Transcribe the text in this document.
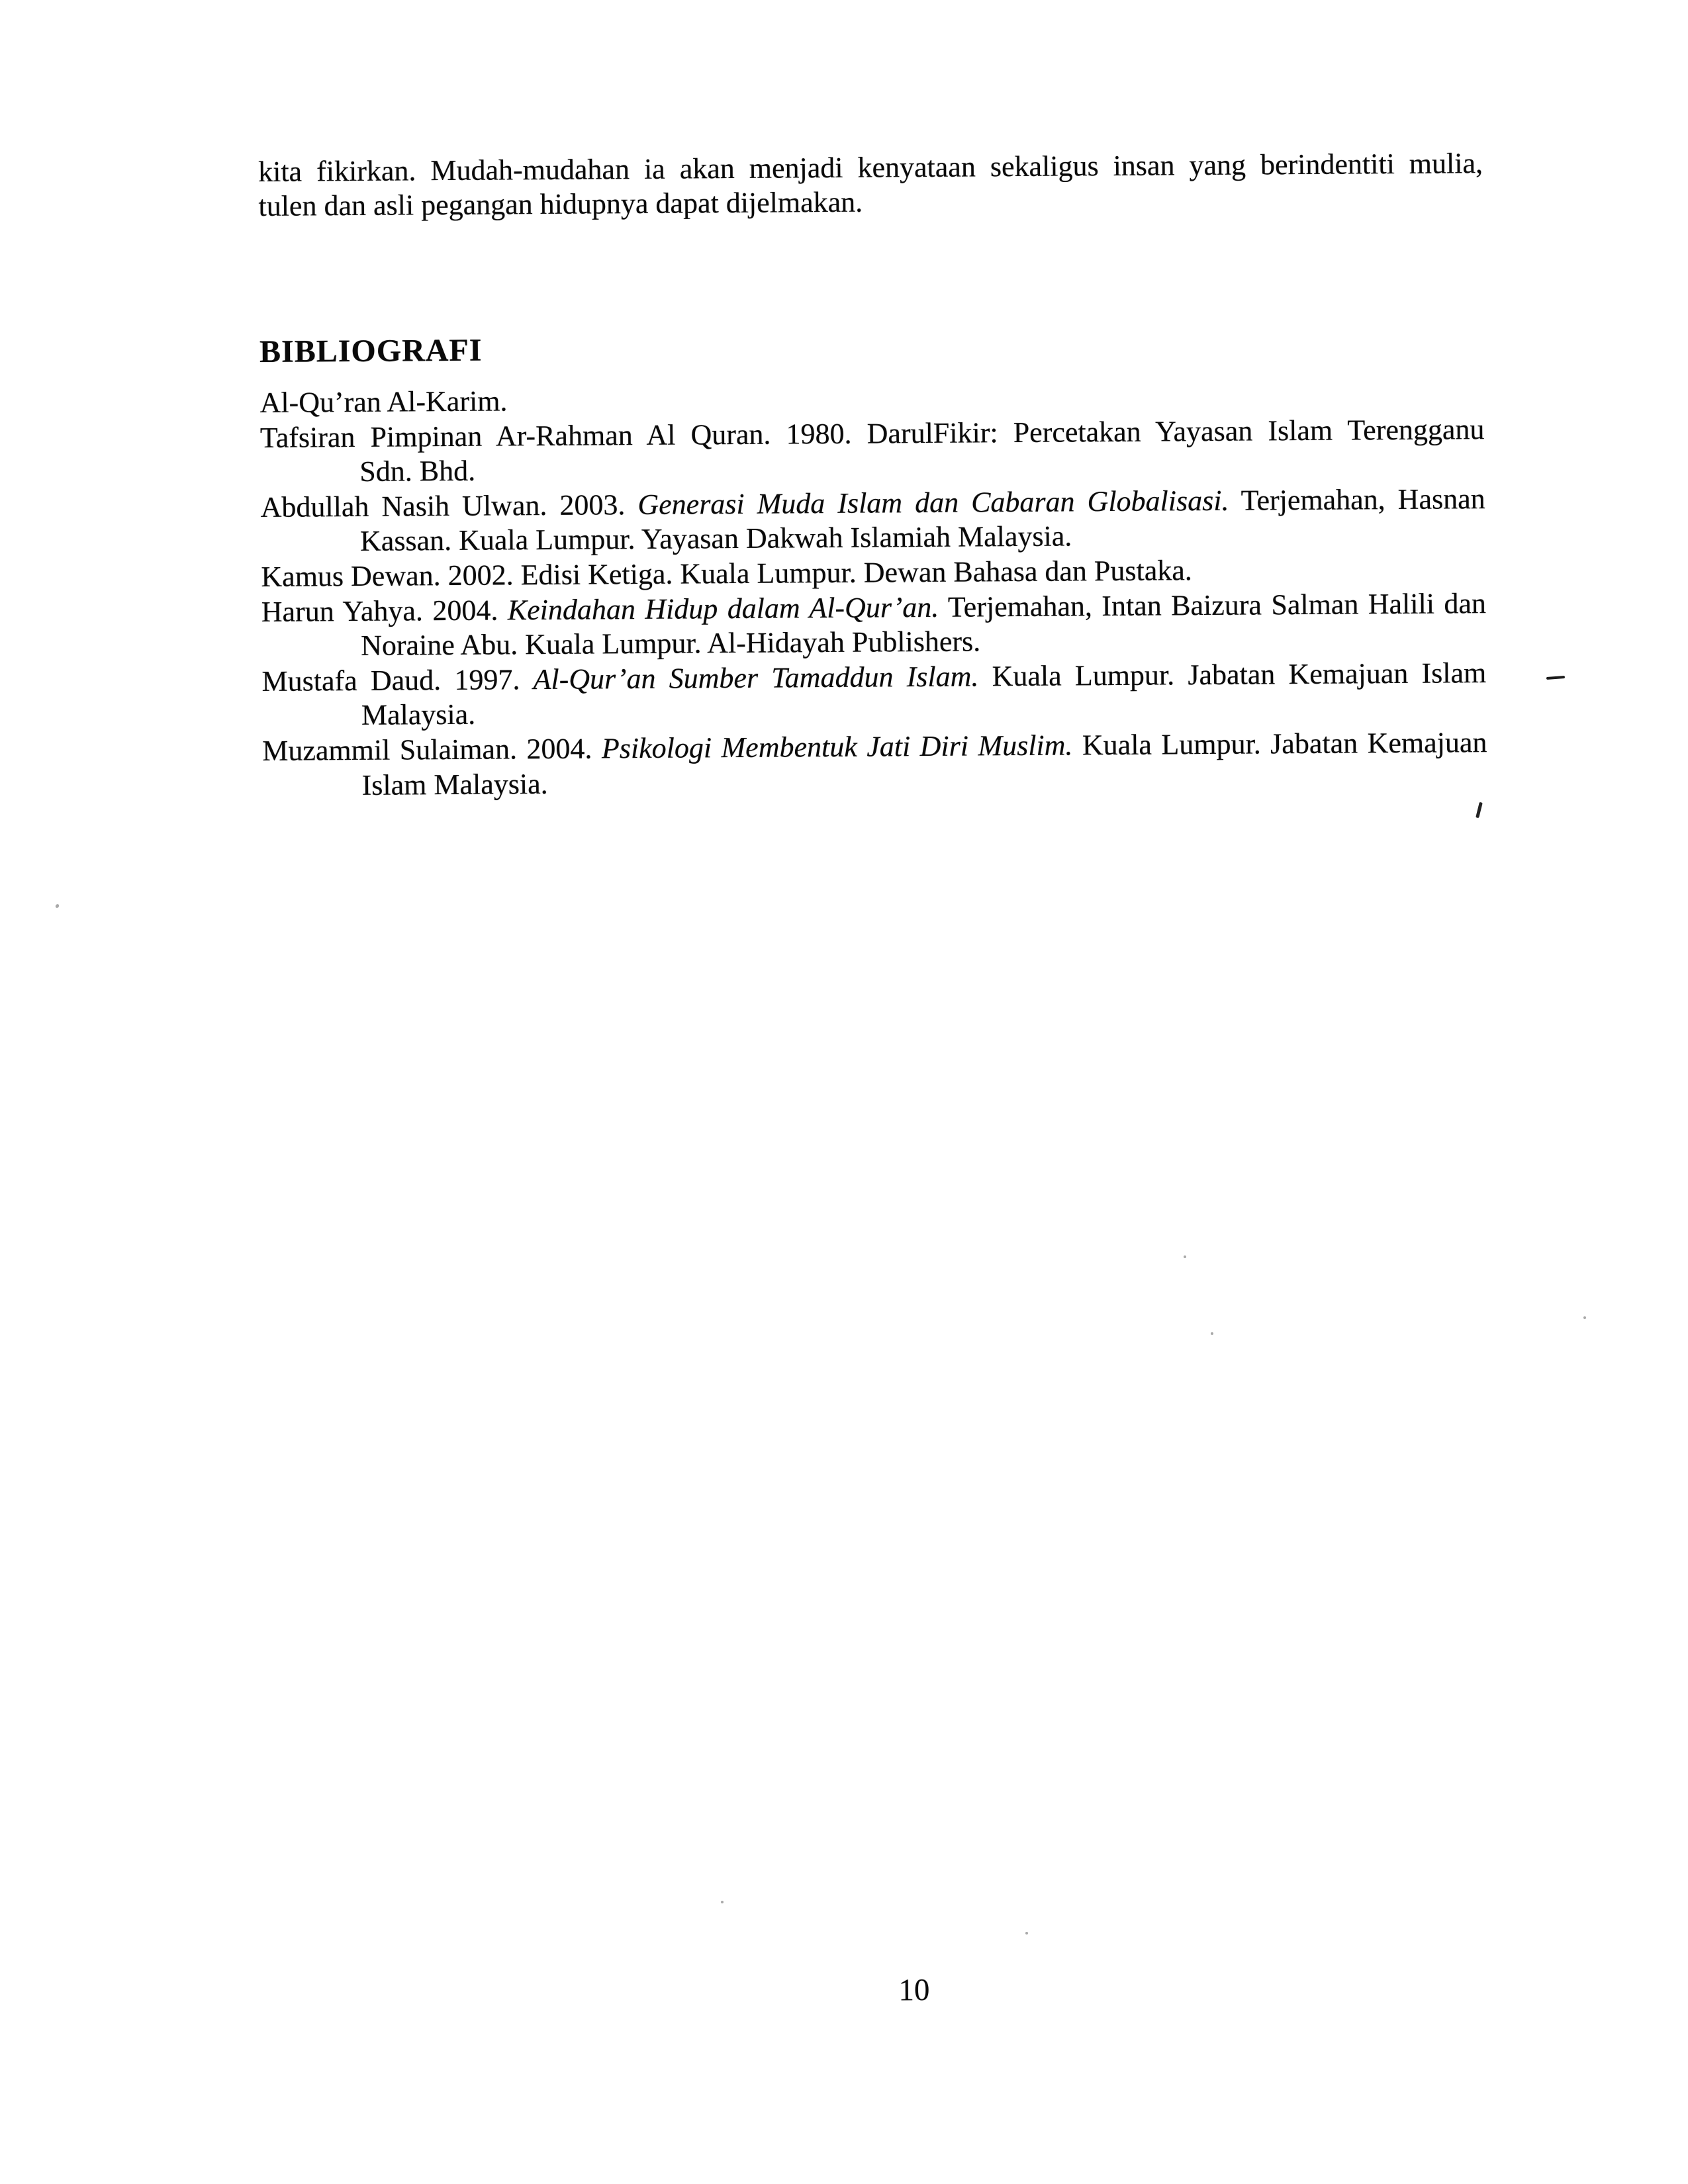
kita fikirkan. Mudah-mudahan ia akan menjadi kenyataan sekaligus insan yang berindentiti mulia,
tulen dan asli pegangan hidupnya dapat dijelmakan.
BIBLIOGRAFI
Al-Qu’ran Al-Karim.
Tafsiran Pimpinan Ar-Rahman Al Quran. 1980. DarulFikir: Percetakan Yayasan Islam Terengganu
Sdn. Bhd.
Abdullah Nasih Ulwan. 2003. Generasi Muda Islam dan Cabaran Globalisasi. Terjemahan, Hasnan
Kassan. Kuala Lumpur. Yayasan Dakwah Islamiah Malaysia.
Kamus Dewan. 2002. Edisi Ketiga. Kuala Lumpur. Dewan Bahasa dan Pustaka.
Harun Yahya. 2004. Keindahan Hidup dalam Al-Qur’an. Terjemahan, Intan Baizura Salman Halili dan
Noraine Abu. Kuala Lumpur. Al-Hidayah Publishers.
Mustafa Daud. 1997. Al-Qur’an Sumber Tamaddun Islam. Kuala Lumpur. Jabatan Kemajuan Islam
Malaysia.
Muzammil Sulaiman. 2004. Psikologi Membentuk Jati Diri Muslim. Kuala Lumpur. Jabatan Kemajuan
Islam Malaysia.
10
